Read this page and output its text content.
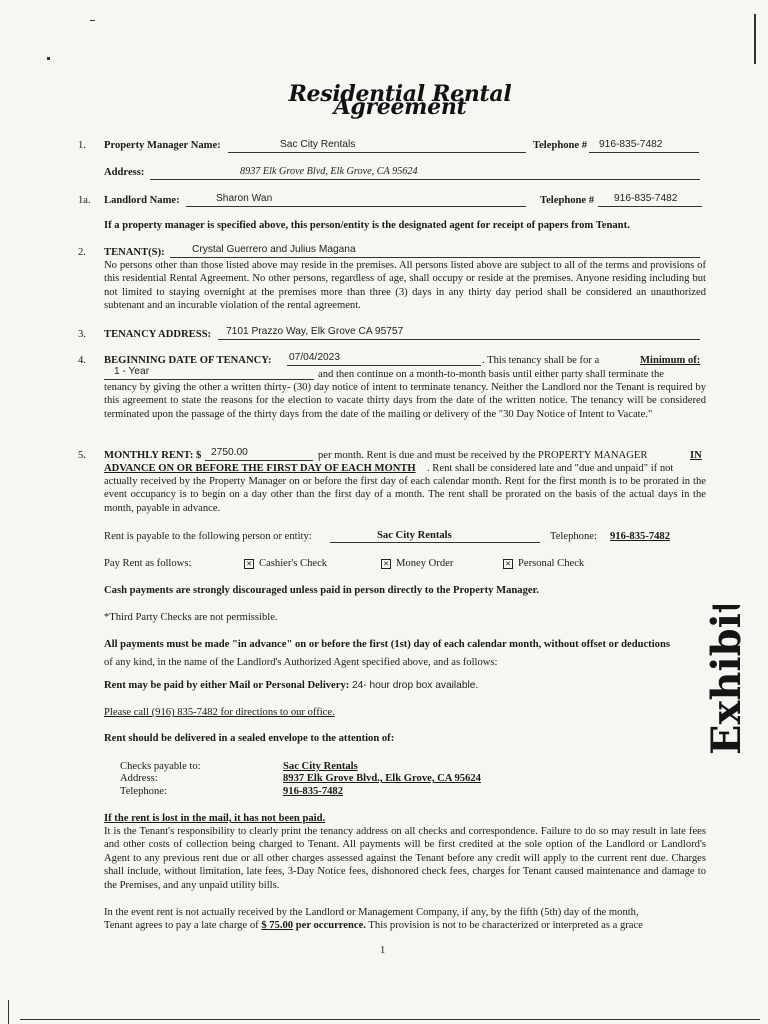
Residential Rental Agreement
1.	Property Manager Name:	Sac City Rentals	Telephone # 916-835-7482
Address:	8937 Elk Grove Blvd, Elk Grove, CA 95624
1a.	Landlord Name:	Sharon Wan	Telephone # 916-835-7482
If a property manager is specified above, this person/entity is the designated agent for receipt of papers from Tenant.
2.	TENANT(S):	Crystal Guerrero and Julius Magana
No persons other than those listed above may reside in the premises. All persons listed above are subject to all of the terms and provisions of this residential Rental Agreement. No other persons, regardless of age, shall occupy or reside at the premises. Anyone residing including but not limited to staying overnight at the premises more than three (3) days in any thirty day period shall be considered an unauthorized subtenant and an incurable violation of the rental agreement.
3.	TENANCY ADDRESS: 7101 Prazzo Way, Elk Grove CA 95757
4.	BEGINNING DATE OF TENANCY: 07/04/2023	. This tenancy shall be for a	Minimum of:
1 - Year	and then continue on a month-to-month basis until either party shall terminate the
tenancy by giving the other a written thirty- (30) day notice of intent to terminate tenancy. Neither the Landlord nor the Tenant is required by this agreement to state the reasons for the election to vacate thirty days from the date of the written notice. The tenancy will be considered terminated upon the passage of the thirty days from the date of the mailing or delivery of the "30 Day Notice of Intent to Vacate."
5.	MONTHLY RENT: $ 2750.00	per month. Rent is due and must be received by the PROPERTY MANAGER	IN
ADVANCE ON OR BEFORE THE FIRST DAY OF EACH MONTH . Rent shall be considered late and "due and unpaid" if not
actually received by the Property Manager on or before the first day of each calendar month. Rent for the first month is to be prorated in the event occupancy is to begin on a day other than the first day of a month. The rent shall be prorated on the basis of the actual days in the month, payable in advance.
Rent is payable to the following person or entity:	Sac City Rentals	Telephone: 916-835-7482
Pay Rent as follows:	✕ Cashier's Check	✕ Money Order	✕ Personal Check
Cash payments are strongly discouraged unless paid in person directly to the Property Manager.
*Third Party Checks are not permissible.
All payments must be made "in advance" on or before the first (1st) day of each calendar month, without offset or deductions
of any kind, in the name of the Landlord's Authorized Agent specified above, and as follows:
Rent may be paid by either Mail or Personal Delivery: 24- hour drop box available.
Please call (916) 835-7482 for directions to our office.
Rent should be delivered in a sealed envelope to the attention of:
Checks payable to:	Sac City Rentals
Address:	8937 Elk Grove Blvd., Elk Grove, CA 95624
Telephone:	916-835-7482
If the rent is lost in the mail, it has not been paid.
It is the Tenant's responsibility to clearly print the tenancy address on all checks and correspondence. Failure to do so may result in late fees and other costs of collection being charged to Tenant. All payments will be first credited at the sole option of the Landlord or Landlord's Agent to any previous rent due or all other charges assessed against the Tenant before any credit will apply to the current rent due. Charges shall include, without limitation, late fees, 3-Day Notice fees, dishonored check fees, charges for Tenant caused maintenance and damage to the Premises, and any unpaid utility bills.
In the event rent is not actually received by the Landlord or Management Company, if any, by the fifth (5th) day of the month,
Tenant agrees to pay a late charge of $ 75.00 per occurrence. This provision is not to be characterized or interpreted as a grace
1
Exhibit 1
